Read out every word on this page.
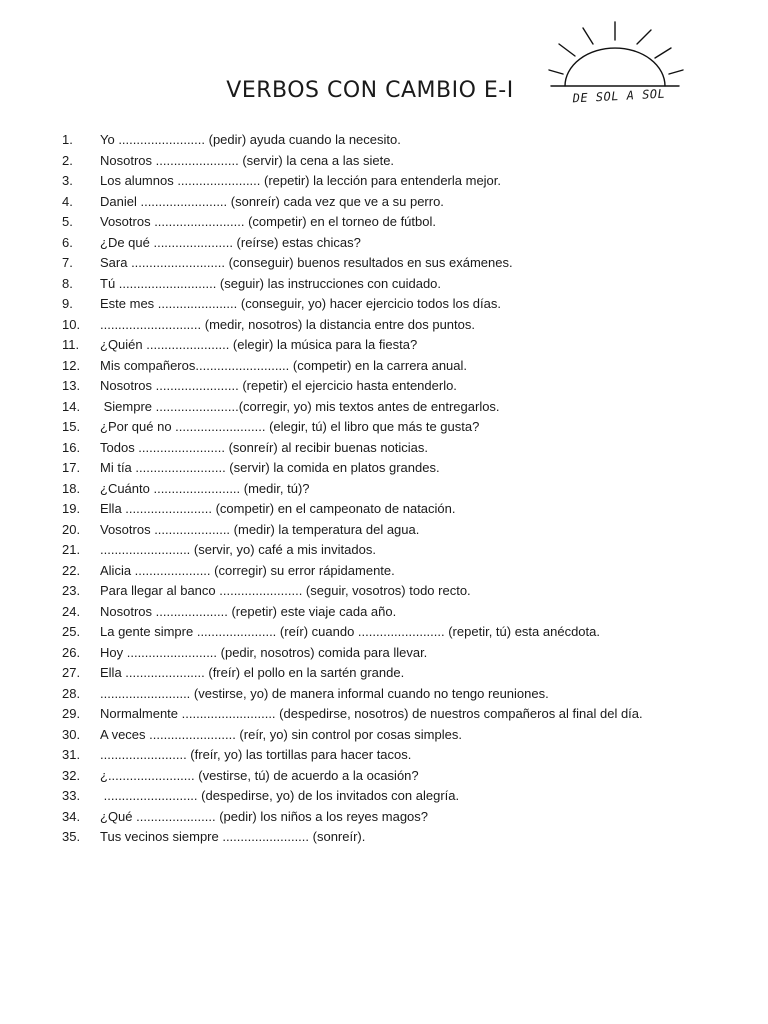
VERBOS CON CAMBIO E-I	DE SOL A SOL
1.	Yo ........................ (pedir) ayuda cuando la necesito.
2.	Nosotros ....................... (servir) la cena a las siete.
3.	Los alumnos ....................... (repetir) la lección para entenderla mejor.
4.	Daniel ........................ (sonreír) cada vez que ve a su perro.
5.	Vosotros ......................... (competir) en el torneo de fútbol.
6.	¿De qué ...................... (reírse) estas chicas?
7.	Sara .......................... (conseguir) buenos resultados en sus exámenes.
8.	Tú ........................... (seguir) las instrucciones con cuidado.
9.	Este mes ...................... (conseguir, yo) hacer ejercicio todos los días.
10.	............................ (medir, nosotros) la distancia entre dos puntos.
11.	¿Quién ....................... (elegir) la música para la fiesta?
12.	Mis compañeros.......................... (competir) en la carrera anual.
13.	Nosotros ....................... (repetir) el ejercicio hasta entenderlo.
14.	Siempre .......................(corregir, yo) mis textos antes de entregarlos.
15.	¿Por qué no ......................... (elegir, tú) el libro que más te gusta?
16.	Todos ........................ (sonreír) al recibir buenas noticias.
17.	Mi tía ......................... (servir) la comida en platos grandes.
18.	¿Cuánto ........................ (medir, tú)?
19.	Ella ........................ (competir) en el campeonato de natación.
20.	Vosotros ..................... (medir) la temperatura del agua.
21.	......................... (servir, yo) café a mis invitados.
22.	Alicia ..................... (corregir) su error rápidamente.
23.	Para llegar al banco ....................... (seguir, vosotros) todo recto.
24.	Nosotros .................... (repetir) este viaje cada año.
25.	La gente simpre ...................... (reír) cuando ........................ (repetir, tú) esta anécdota.
26.	Hoy ......................... (pedir, nosotros) comida para llevar.
27.	Ella ...................... (freír) el pollo en la sartén grande.
28.	......................... (vestirse, yo) de manera informal cuando no tengo reuniones.
29.	Normalmente .......................... (despedirse, nosotros) de nuestros compañeros al final del día.
30.	A veces ........................ (reír, yo) sin control por cosas simples.
31.	........................ (freír, yo) las tortillas para hacer tacos.
32.	¿........................ (vestirse, tú) de acuerdo a la ocasión?
33.	.......................... (despedirse, yo) de los invitados con alegría.
34.	¿Qué ...................... (pedir) los niños a los reyes magos?
35.	Tus vecinos siempre ........................ (sonreír).
